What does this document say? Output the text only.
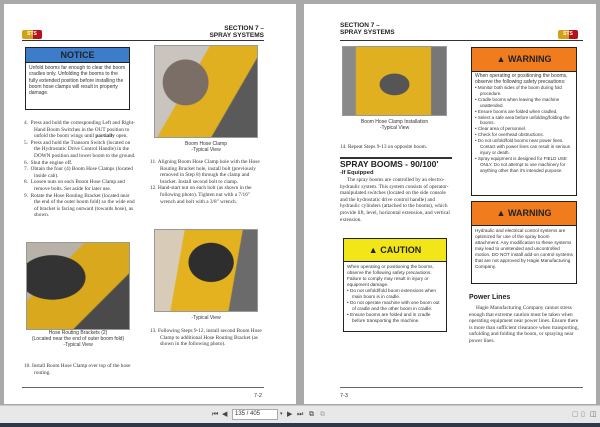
STS
SECTION 7 –
SPRAY SYSTEMS
NOTICE
Unfold booms far enough to clear the boom cradles only. Unfolding the booms to the fully extended position before installing the boom hose clamps will result in property damage.
4. Press and hold the corresponding Left and Right-Hand Boom Switches in the OUT position to unfold the boom wings until partially open.
5. Press and hold the Transom Switch (located on the Hydrostatic Drive Control Handle) in the DOWN position and lower boom to the ground.
6. Shut the engine off.
7. Obtain the four (4) Boom Hose Clamps (located inside cab).
8. Loosen nuts on each Boom Hose Clamp and remove bolts. Set aside for later use.
9. Rotate the Hose Routing Bracket (located near the end of the outer boom fold) so the wide end of bracket is facing outward (towards hose), as shown.
Boom Hose Clamp
-Typical View
11. Aligning Boom Hose Clamp hole with the Hose Routing Bracket hole, install bolt (previously removed in Step 8) through the clamp and bracket. Install second bolt to clamp.
12. Hand-start nut on each bolt (as shown in the following photo). Tighten nut with a 7/16" wrench and bolt with a 3/8" wrench.
Hose Routing Brackets (2)
(Located near the end of outer boom fold)
-Typical View
10. Install Boom Hose Clamp over top of the hose routing.
-Typical View
13. Following Steps 9-12, install second Boom Hose Clamp to additional Hose Routing Bracket (as shown in the following photo).
7-2
SECTION 7 –
SPRAY SYSTEMS	STS
Boom Hose Clamp Installation
-Typical View
14. Repeat Steps 9-13 on opposite boom.
SPRAY BOOMS - 90/100'
-If Equipped
The spray booms are controlled by an electro-hydraulic system. This system consists of operator-manipulated switches (located on the side console and the hydrostatic drive control handle) and hydraulic cylinders (attached to the booms), which provide lift, level, horizontal extension, and vertical extension.
▲ CAUTION
When operating or positioning the booms, observe the following safety precautions. Failure to comply may result in injury or equipment damage.
• Do not unfold/fold boom extensions when main boom is in cradle.
• Do not operate machine with one boom out of cradle and the other boom in cradle.
• Ensure booms are folded and in cradle before transporting the machine.
▲ WARNING
When operating or positioning the booms, observe the following safety precautions:
• Monitor both sides of the boom during fold procedure.
• Cradle booms when leaving the machine unattended.
• Ensure booms are folded when cradled.
• Select a safe area before unfolding/folding the booms.
• Clear area of personnel.
• Check for overhead obstructions.
• Do not unfold/fold booms near power lines. Contact with power lines can result in serious injury or death.
• Spray equipment is designed for FIELD USE ONLY. Do not attempt to use machinery for anything other than it's intended purpose.
▲ WARNING
Hydraulic and electrical control systems are optimized for use of the spray boom attachment. Any modification to these systems may lead to unintended and uncontrolled motion. DO NOT install add-on control systems that are not approved by Hagie Manufacturing Company.
Power Lines
Hagie Manufacturing Company cannot stress enough that extreme caution must be taken when operating equipment near power lines. Ensure there is more than sufficient clearance when transporting, unfolding and folding the boom, or spraying near power lines.
7-3
⏮ ◀	135 / 405	▾ ▶ ⏭ ⧉ ⧉	▢ ▯ ◫
